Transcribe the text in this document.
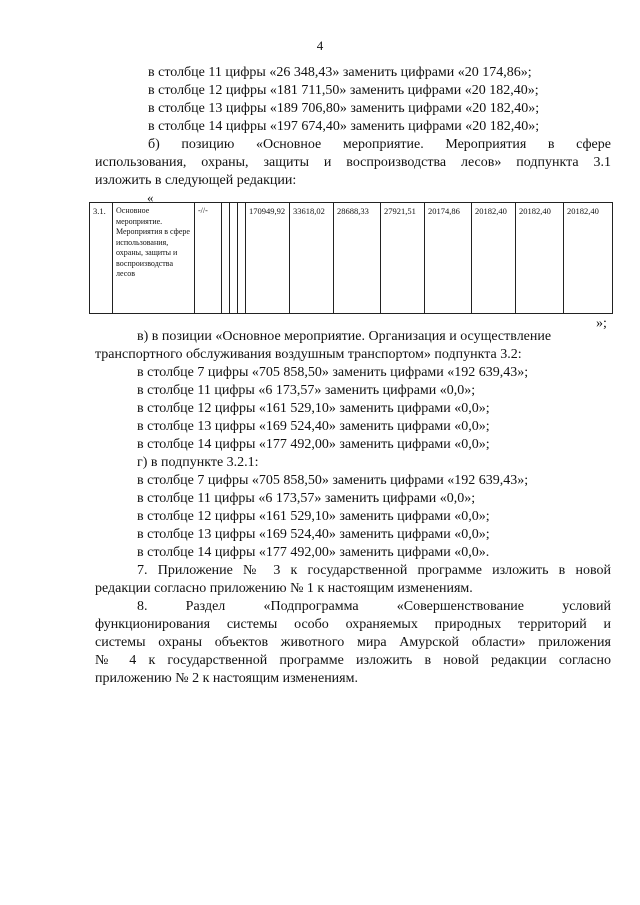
4
в столбце 11 цифры «26 348,43» заменить цифрами «20 174,86»;
в столбце 12 цифры «181 711,50» заменить цифрами «20 182,40»;
в столбце 13 цифры «189 706,80» заменить цифрами «20 182,40»;
в столбце 14 цифры «197 674,40» заменить цифрами «20 182,40»;
б) позицию «Основное мероприятие. Мероприятия в сфере
использования, охраны, защиты и воспроизводства лесов» подпункта 3.1
изложить в следующей редакции:
«
3.1.	Основное мероприятие. Мероприятия в сфере использования, охраны, защиты и воспроизводства лесов	-//-				170949,92	33618,02	28688,33	27921,51	20174,86	20182,40	20182,40	20182,40
»;
в) в позиции «Основное мероприятие. Организация и осуществление
транспортного обслуживания воздушным транспортом» подпункта 3.2:
в столбце 7 цифры «705 858,50» заменить цифрами «192 639,43»;
в столбце 11 цифры «6 173,57» заменить цифрами «0,0»;
в столбце 12 цифры «161 529,10» заменить цифрами «0,0»;
в столбце 13 цифры «169 524,40» заменить цифрами «0,0»;
в столбце 14 цифры «177 492,00» заменить цифрами «0,0»;
г) в подпункте 3.2.1:
в столбце 7 цифры «705 858,50» заменить цифрами «192 639,43»;
в столбце 11 цифры «6 173,57» заменить цифрами «0,0»;
в столбце 12 цифры «161 529,10» заменить цифрами «0,0»;
в столбце 13 цифры «169 524,40» заменить цифрами «0,0»;
в столбце 14 цифры «177 492,00» заменить цифрами «0,0».
7. Приложение № 3 к государственной программе изложить в новой
редакции согласно приложению № 1 к настоящим изменениям.
8. Раздел «Подпрограмма «Совершенствование условий
функционирования системы особо охраняемых природных территорий и
системы охраны объектов животного мира Амурской области» приложения
№ 4 к государственной программе изложить в новой редакции согласно
приложению № 2 к настоящим изменениям.
